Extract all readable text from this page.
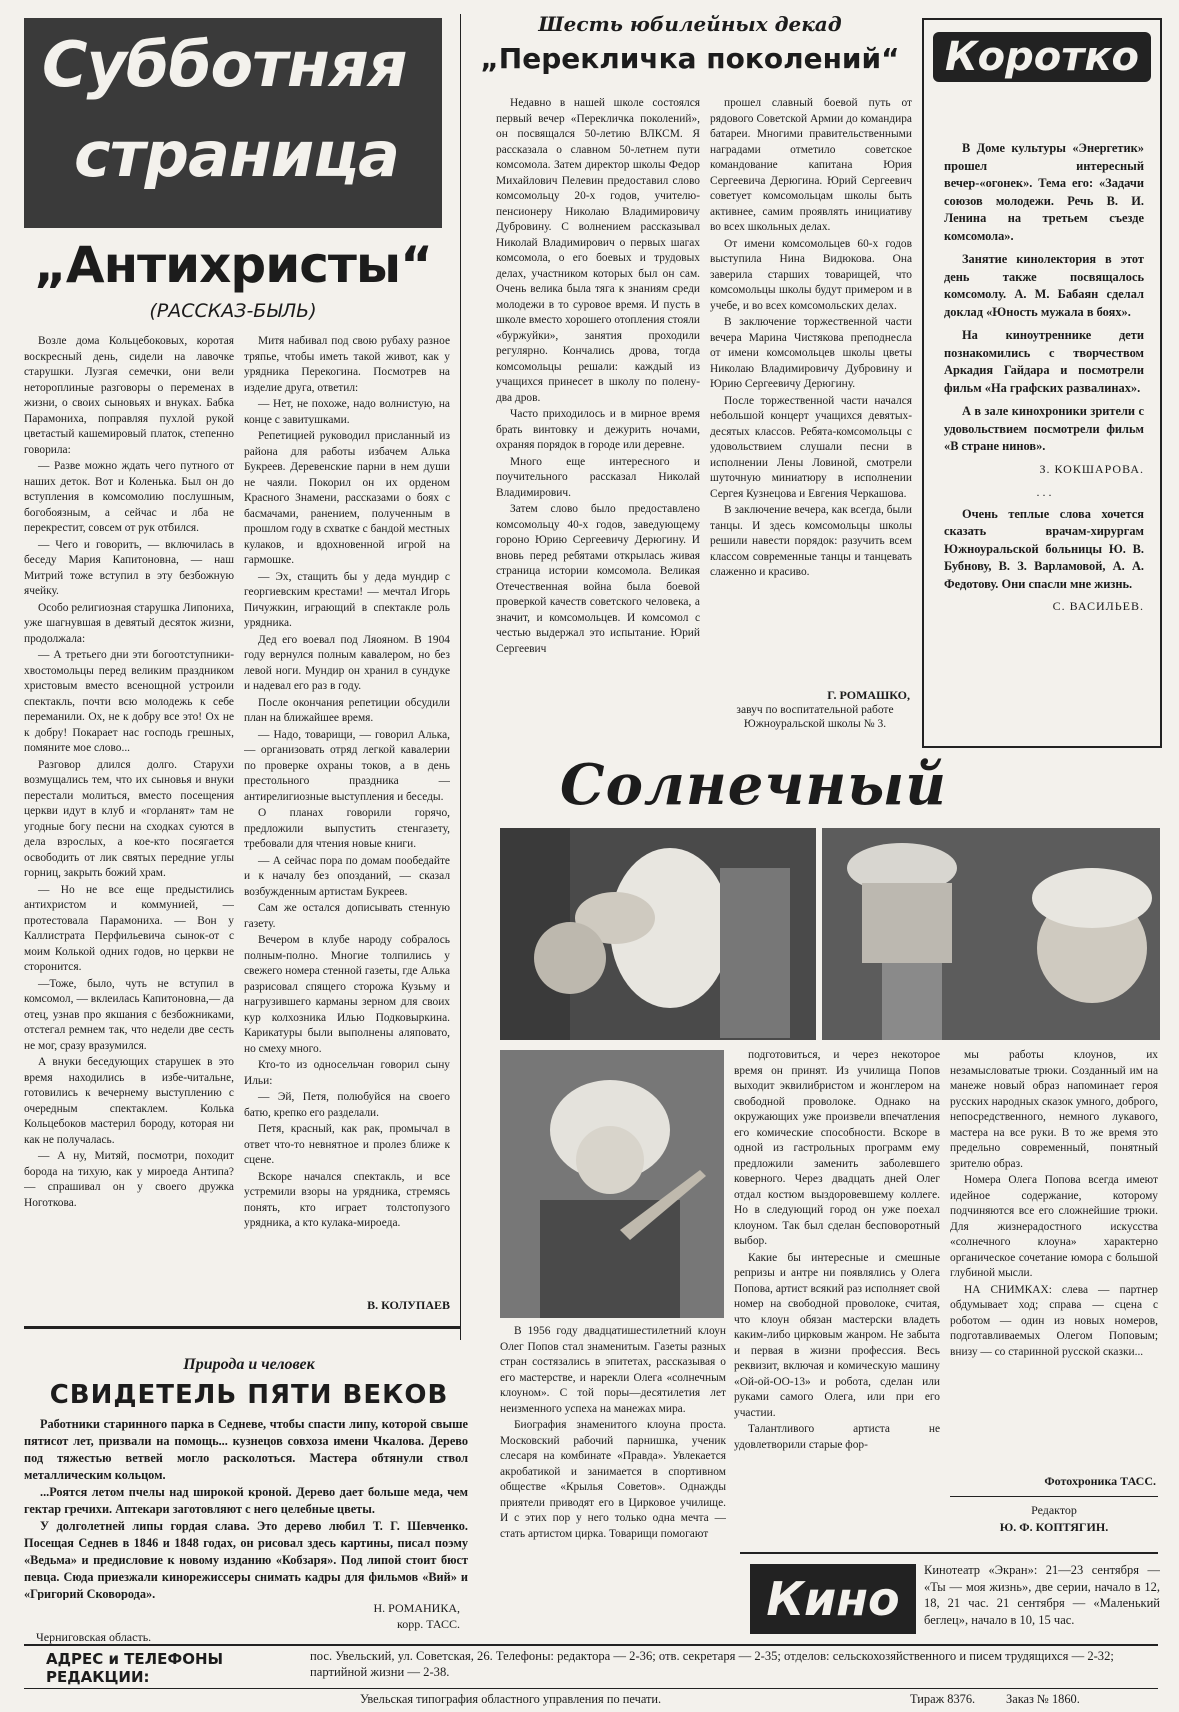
Субботняя
страница
„Антихристы“
(РАССКАЗ-БЫЛЬ)

Возле дома Кольцебоковых, коротая воскресный день, сидели на лавочке старушки. Лузгая семечки, они вели нетоpоплиные разговоры о переменах в жизни, о своих сыновьях и внуках. Бабка Парамониха, поправляя пухлой рукой цветастый кашемировый платок, степенно говорила:

— Разве можно ждать чего путного от наших деток. Вот и Коленька. Был он до вступления в комсомолию послушным, богобоязным, а сейчас и лба не перекрестит, совсем от рук отбился.

— Чего и говорить, — включилась в беседу Мария Капитоновна, — наш Митрий тоже вступил в эту безбожную ячейку.

Особо религиозная старушка Липониха, уже шагнувшая в девятый десяток жизни, продолжала:

— А третьего дни эти богоотступники-хвостомольцы перед великим праздником христовым вместо всенощной устроили спектакль, почти всю молодежь к себе переманили. Ох, не к добру все это! Ох не к добру! Покарает нас господь грешных, помяните мое слово...

Разговор длился долго. Старухи возмущались тем, что их сыновья и внуки перестали молиться, вместо посещения церкви идут в клуб и «горланят» там не угодные богу песни на сходках суются в дела взрослых, а кое-кто посягается освободить от лик святых передние углы горниц, закрыть божий храм.

— Но не все еще предыстились антихристом и коммунией, — протестовала Парамониха. — Вон у Каллистрата Перфильевича сынок-от с моим Колькой одних годов, но церкви не сторонится.

—Тоже, было, чуть не вступил в комсомол, — вклеилась Капитоновна,— да отец, узнав про якшания с безбожниками, отстегал ремнем так, что недели две сесть не мог, сразу вразумился.

А внуки беседующих старушек в это время находились в избе-читальне, готовились к вечернему выступлению с очередным спектаклем. Колька Кольцебоков мастерил бороду, которая ни как не получалась.

— А ну, Митяй, посмотри, походит борода на тихую, как у мироеда Антипа? — спрашивал он у своего дружка Ноготкова.

Митя набивал под свою рубаху разное тряпье, чтобы иметь такой живот, как у урядника Перекогина. Посмотрев на изделие друга, ответил:

— Нет, не похоже, надо волнистую, на конце с завитушками.

Репетицией руководил присланный из района для работы избачем Алька Букреев. Деревенские парни в нем души не чаяли. Покорил он их орденом Красного Знамени, рассказами о боях с басмачами, ранением, полученным в прошлом году в схватке с бандой местных кулаков, и вдохновенной игрой на гармошке.

— Эх, стащить бы у деда мундир с георгиевским крестами! — мечтал Игорь Пичужкин, играющий в спектакле роль урядника.

Дед его воевал под Ляояном. В 1904 году вернулся полным кавалером, но без левой ноги. Мундир он хранил в сундуке и надевал его раз в году.

После окончания репетиции обсудили план на ближайшее время.

— Надо, товарищи, — говорил Алька, — организовать отряд легкой кавалерии по проверке охраны токов, а в день престольного праздника — антирелигиозные выступления и беседы.

О планах говорили горячо, предложили выпустить стенгазету, требовали для чтения новые книги.

— А сейчас пора по домам пообедайте и к началу без опозданий, — сказал возбужденным артистам Букреев.

Сам же остался дописывать стенную газету.

Вечером в клубе народу собралось полным-полно. Многие толпились у свежего номера стенной газеты, где Алька разрисовал спящего сторожа Кузьму и нагрузившего карманы зерном для своих кур колхозника Илью Подковыркина. Карикатуры были выполнены аляповато, но смеху много.

Кто-то из односельчан говорил сыну Ильи:

— Эй, Петя, полюбуйся на своего батю, крепко его разделали.

Петя, красный, как рак, промычал в ответ что-то невнятное и пролез ближе к сцене.

Вскоре начался спектакль, и все устремили взоры на урядника, стремясь понять, кто играет толстопузого урядника, а кто кулака-мироеда.

В. КОЛУПАЕВ
Шесть юбилейных декад
„Перекличка поколений“

Недавно в нашей школе состоялся первый вечер «Перекличка поколений», он посвящался 50-летию ВЛКСМ. Я рассказала о славном 50-летнем пути комсомола. Затем директор школы Федор Михайлович Пелевин предоставил слово комсомольцу 20-х годов, учителю-пенсионеру Николаю Владимировичу Дубровину. С волнением рассказывал Николай Владимирович о первых шагах комсомола, о его боевых и трудовых делах, участником которых был он сам. Очень велика была тяга к знаниям среди молодежи в то суровое время. И пусть в школе вместо хорошего отопления стояли «буржуйки», занятия проходили регулярно. Кончались дрова, тогда комсомольцы решали: каждый из учащихся принесет в школу по полену-два дров.

Часто приходилось и в мирное время брать винтовку и дежурить ночами, охраняя порядок в городе или деревне.

Много еще интересного и поучительного рассказал Николай Владимирович.

Затем слово было предоставлено комсомольцу 40-х годов, заведующему гороно Юрию Сергеевичу Дерюгину. И вновь перед ребятами открылась живая страница истории комсомола. Великая Отечественная война была боевой проверкой качеств советского человека, а значит, и комсомольцев. И комсомол с честью выдержал это испытание. Юрий Сергеевич

прошел славный боевой путь от рядового Советской Армии до командира батареи. Многими правительственными наградами отметило советское командование капитана Юрия Сергеевича Дерюгина. Юрий Сергеевич советует комсомольцам школы быть активнее, самим проявлять инициативу во всех школьных делах.

От имени комсомольцев 60-х годов выступила Нина Видюкова. Она заверила старших товарищей, что комсомольцы школы будут примером и в учебе, и во всех комсомольских делах.

В заключение торжественной части вечера Марина Чистякова преподнесла от имени комсомольцев школы цветы Николаю Владимировичу Дубровину и Юрию Сергеевичу Дерюгину.

После торжественной части начался небольшой концерт учащихся девятых-десятых классов. Ребята-комсомольцы с удовольствием слушали песни в исполнении Лены Ловиной, смотрели шуточную миниатюру в исполнении Сергея Кузнецова и Евгения Черкашова.

В заключение вечера, как всегда, были танцы. И здесь комсомольцы школы решили навести порядок: разучить всем классом современные танцы и танцевать слаженно и красиво.

Г. РОМАШКО,
завуч по воспитательной работе Южноуральской школы № 3.
Коротко

В Доме культуры «Энергетик» прошел интересный вечер-«огонек». Тема его: «Задачи союзов молодежи. Речь В. И. Ленина на третьем съезде комсомола».

Занятие кинолектория в этот день также посвящалось комсомолу. А. М. Бабаян сделал доклад «Юность мужала в боях».

На киноутреннике дети познакомились с творчеством Аркадия Гайдара и посмотрели фильм «На графских развалинах».

А в зале кинохроники зрители с удовольствием посмотрели фильм «В стране нинов».

З. КОКШАРОВА.
. . .

Очень теплые слова хочется сказать врачам-хирургам Южноуральской больницы Ю. В. Бубнову, В. З. Варламовой, А. А. Федотову. Они спасли мне жизнь.

С. ВАСИЛЬЕВ.
Солнечный

В 1956 году двадцатишестилетний клоун Олег Попов стал знаменитым. Газеты разных стран состязались в эпитетах, рассказывая о его мастерстве, и нарекли Олега «солнечным клоуном». С той поры—десятилетия лет неизменного успеха на манежах мира.

Биография знаменитого клоуна проста. Московский рабочий парнишка, ученик слесаря на комбинате «Правда». Увлекается акробатикой и занимается в спортивном обществе «Крылья Советов». Однажды приятели приводят его в Цирковое училище. И с этих пор у него только одна мечта — стать артистом цирка. Товарищи помогают

подготовиться, и через некоторое время он принят. Из училища Попов выходит эквилибристом и жонглером на свободной проволоке. Однако на окружающих уже произвели впечатления его комические способности. Вскоре в одной из гастрольных программ ему предложили заменить заболевшего коверного. Через двадцать дней Олег отдал костюм выздоровевшему коллеге. Но в следующий город он уже поехал клоуном. Так был сделан бесповоротный выбор.

Какие бы интересные и смешные репризы и антре ни появлялись у Олега Попова, артист всякий раз исполняет свой номер на свободной проволоке, считая, что клоун обязан мастерски владеть каким-либо цирковым жанром. Не забыта и первая в жизни профессия. Весь реквизит, включая и комическую машину «Ой-ой-ОО-13» и робота, сделан или руками самого Олега, или при его участии.

Талантливого артиста не удовлетворили старые фор-

мы работы клоунов, их незамысловатые трюки. Созданный им на манеже новый образ напоминает героя русских народных сказок умного, доброго, непосредственного, немного лукавого, мастера на все руки. В то же время это предельно современный, понятный зрителю образ.

Номера Олега Попова всегда имеют идейное содержание, которому подчиняются все его сложнейшие трюки. Для жизнерадостного искусства «солнечного клоуна» характерно органическое сочетание юмора с большой глубиной мысли.

НА СНИМКАХ: слева — партнер обдумывает ход; справа — сцена с роботом — один из новых номеров, подготавливаемых Олегом Поповым; внизу — со старинной русской сказки...

Фотохроника ТАСС.
Редактор
Ю. Ф. КОПТЯГИН.
Природа и человек
СВИДЕТЕЛЬ ПЯТИ ВЕКОВ

Работники старинного парка в Седневе, чтобы спасти липу, которой свыше пятисот лет, призвали на помощь... кузнецов совхоза имени Чкалова. Дерево под тяжестью ветвей могло расколоться. Мастера обтянули ствол металлическим кольцом.

...Роятся летом пчелы над широкой кроной. Дерево дает больше меда, чем гектар гречихи. Аптекари заготовляют с него целебные цветы.

У долголетней липы гордая слава. Это дерево любил Т. Г. Шевченко. Посещая Седнев в 1846 и 1848 годах, он рисовал здесь картины, писал поэму «Ведьма» и предисловие к новому изданию «Кобзаря». Под липой стоит бюст певца. Сюда приезжали кинорежиссеры снимать кадры для фильмов «Вий» и «Григорий Сковорода».

Н. РОМАНИКА,
корр. ТАСС.
Черниговская область.
Кино
Кинотеатр «Экран»: 21—23 сентября — «Ты — моя жизнь», две серии, начало в 12, 18, 21 час. 21 сентября — «Маленький беглец», начало в 10, 15 час.
АДРЕС и ТЕЛЕФОНЫ РЕДАКЦИИ:
пос. Увельский, ул. Советская, 26. Телефоны: редактора — 2-36; отв. секретаря — 2-35; отделов: сельскохозяйственного и писем трудящихся — 2-32; партийной жизни — 2-38.
Увельская типография областного управления по печати.	Тираж 8376. Заказ № 1860.
